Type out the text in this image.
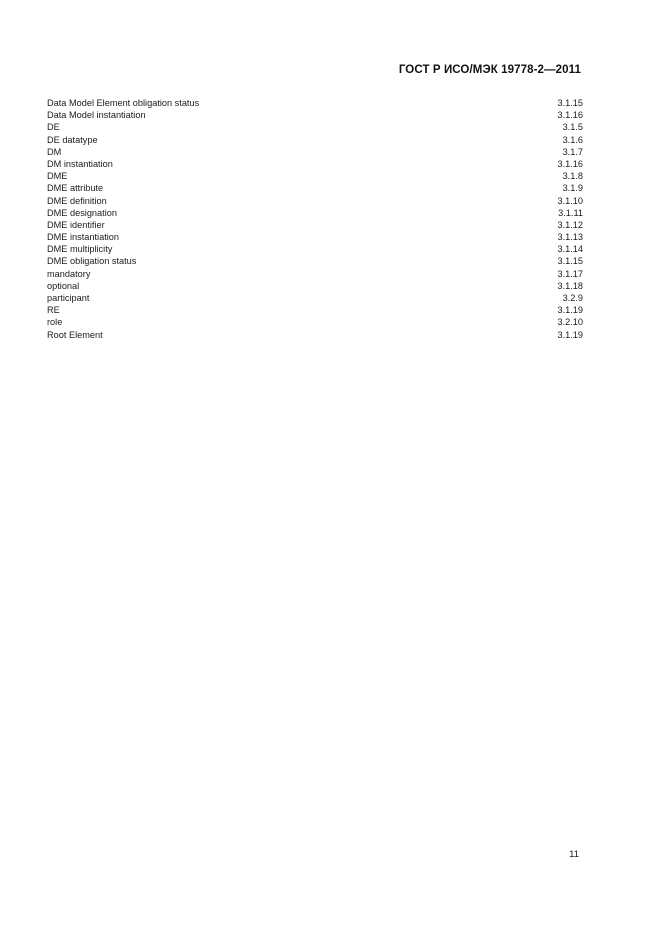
ГОСТ Р ИСО/МЭК 19778-2—2011
Data Model Element obligation status	3.1.15
Data Model instantiation	3.1.16
DE	3.1.5
DE datatype	3.1.6
DM	3.1.7
DM instantiation	3.1.16
DME	3.1.8
DME attribute	3.1.9
DME definition	3.1.10
DME designation	3.1.11
DME identifier	3.1.12
DME instantiation	3.1.13
DME multiplicity	3.1.14
DME obligation status	3.1.15
mandatory	3.1.17
optional	3.1.18
participant	3.2.9
RE	3.1.19
role	3.2.10
Root Element	3.1.19
11
